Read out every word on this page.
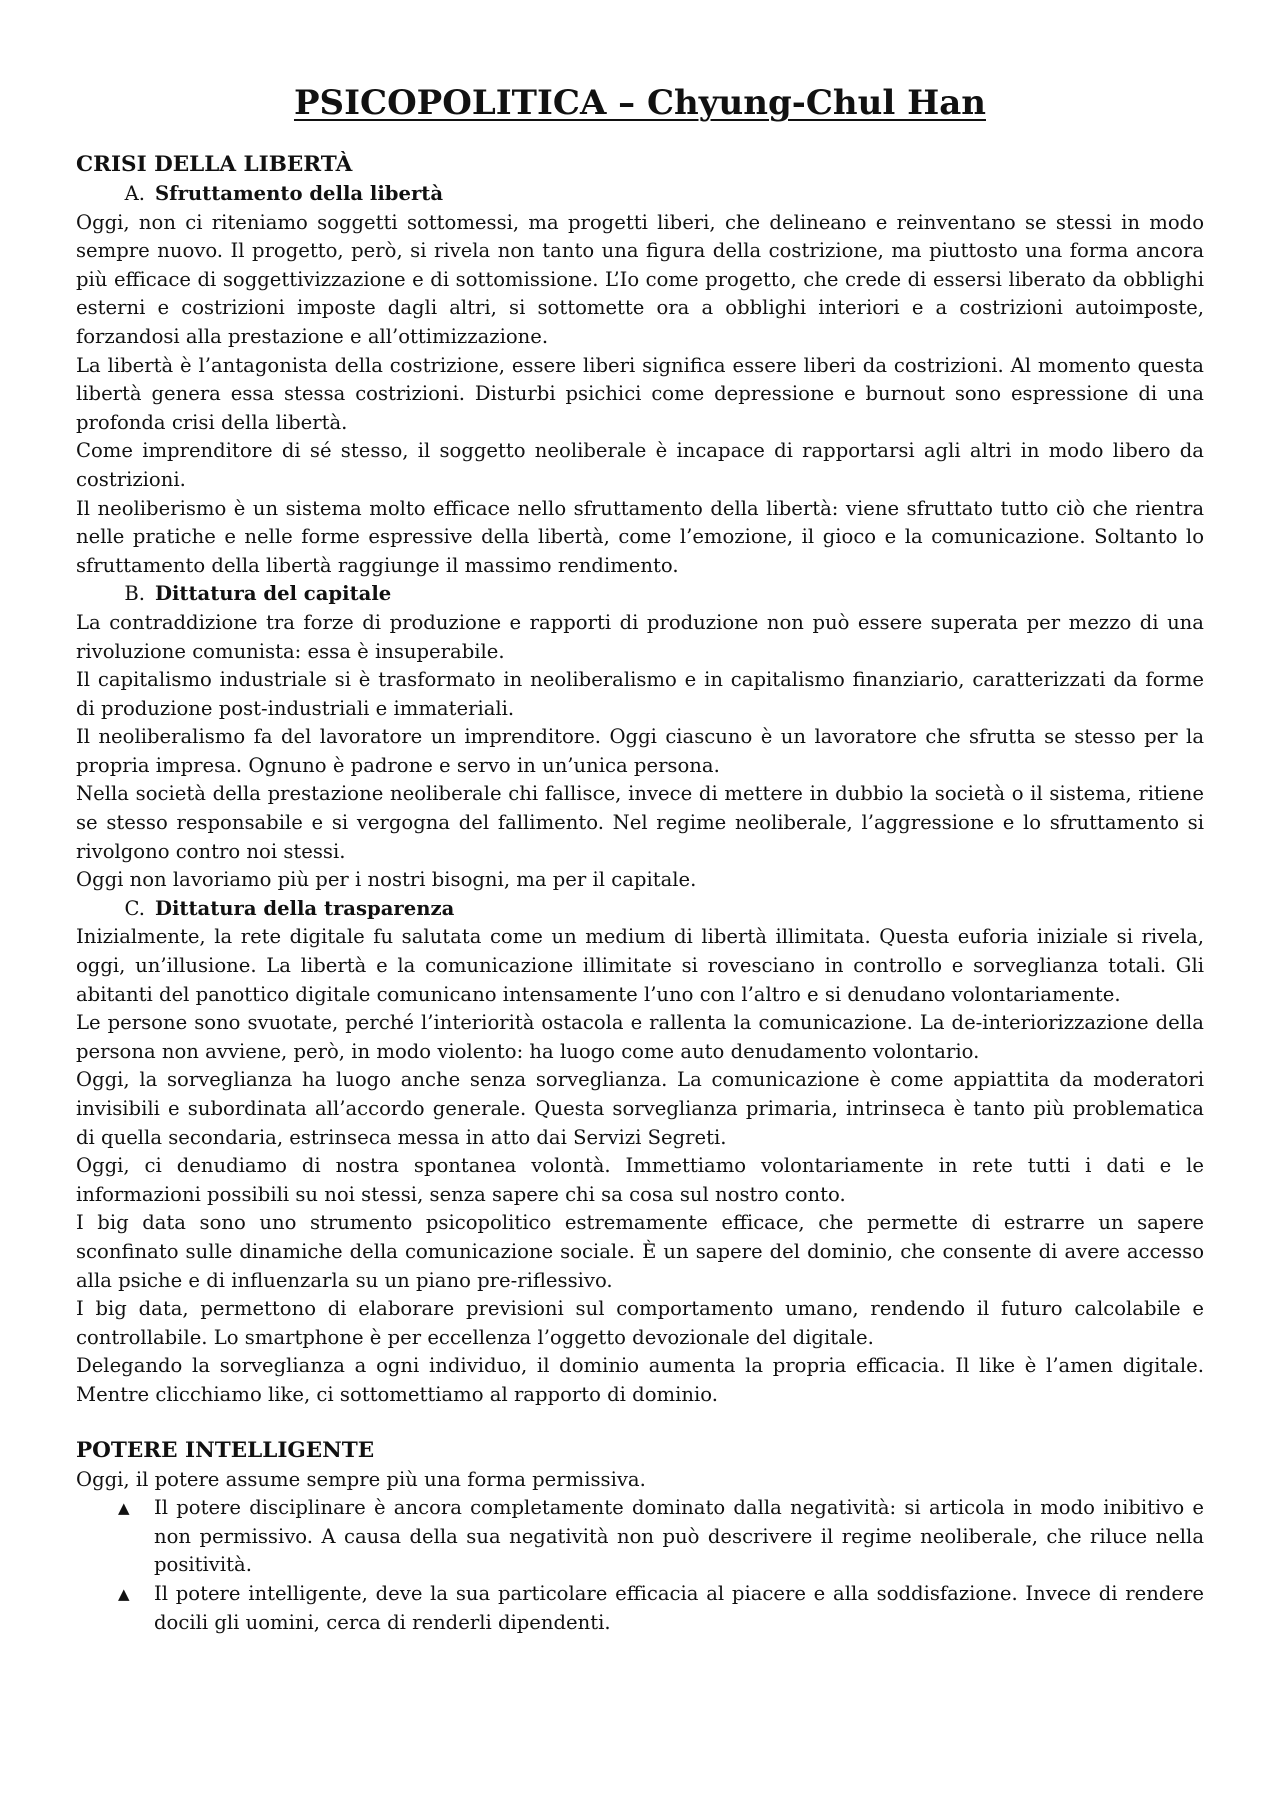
PSICOPOLITICA – Chyung-Chul Han
CRISI DELLA LIBERTÀ
A. Sfruttamento della libertà

Oggi, non ci riteniamo soggetti sottomessi, ma progetti liberi, che delineano e reinventano se stessi in modo sempre nuovo. Il progetto, però, si rivela non tanto una figura della costrizione, ma piuttosto una forma ancora più efficace di soggettivizzazione e di sottomissione. L’Io come progetto, che crede di essersi liberato da obblighi esterni e costrizioni imposte dagli altri, si sottomette ora a obblighi interiori e a costrizioni autoimposte, forzandosi alla prestazione e all’ottimizzazione.

La libertà è l’antagonista della costrizione, essere liberi significa essere liberi da costrizioni. Al momento questa libertà genera essa stessa costrizioni. Disturbi psichici come depressione e burnout sono espressione di una profonda crisi della libertà.

Come imprenditore di sé stesso, il soggetto neoliberale è incapace di rapportarsi agli altri in modo libero da costrizioni.

Il neoliberismo è un sistema molto efficace nello sfruttamento della libertà: viene sfruttato tutto ciò che rientra nelle pratiche e nelle forme espressive della libertà, come l’emozione, il gioco e la comunicazione. Soltanto lo sfruttamento della libertà raggiunge il massimo rendimento.

B. Dittatura del capitale

La contraddizione tra forze di produzione e rapporti di produzione non può essere superata per mezzo di una rivoluzione comunista: essa è insuperabile.

Il capitalismo industriale si è trasformato in neoliberalismo e in capitalismo finanziario, caratterizzati da forme di produzione post-industriali e immateriali.

Il neoliberalismo fa del lavoratore un imprenditore. Oggi ciascuno è un lavoratore che sfrutta se stesso per la propria impresa. Ognuno è padrone e servo in un’unica persona.

Nella società della prestazione neoliberale chi fallisce, invece di mettere in dubbio la società o il sistema, ritiene se stesso responsabile e si vergogna del fallimento. Nel regime neoliberale, l’aggressione e lo sfruttamento si rivolgono contro noi stessi.

Oggi non lavoriamo più per i nostri bisogni, ma per il capitale.

C. Dittatura della trasparenza

Inizialmente, la rete digitale fu salutata come un medium di libertà illimitata. Questa euforia iniziale si rivela, oggi, un’illusione. La libertà e la comunicazione illimitate si rovesciano in controllo e sorveglianza totali. Gli abitanti del panottico digitale comunicano intensamente l’uno con l’altro e si denudano volontariamente.

Le persone sono svuotate, perché l’interiorità ostacola e rallenta la comunicazione. La de-interiorizzazione della persona non avviene, però, in modo violento: ha luogo come auto denudamento volontario.

Oggi, la sorveglianza ha luogo anche senza sorveglianza. La comunicazione è come appiattita da moderatori invisibili e subordinata all’accordo generale. Questa sorveglianza primaria, intrinseca è tanto più problematica di quella secondaria, estrinseca messa in atto dai Servizi Segreti.

Oggi, ci denudiamo di nostra spontanea volontà. Immettiamo volontariamente in rete tutti i dati e le informazioni possibili su noi stessi, senza sapere chi sa cosa sul nostro conto.

I big data sono uno strumento psicopolitico estremamente efficace, che permette di estrarre un sapere sconfinato sulle dinamiche della comunicazione sociale. È un sapere del dominio, che consente di avere accesso alla psiche e di influenzarla su un piano pre-riflessivo.

I big data, permettono di elaborare previsioni sul comportamento umano, rendendo il futuro calcolabile e controllabile. Lo smartphone è per eccellenza l’oggetto devozionale del digitale.

Delegando la sorveglianza a ogni individuo, il dominio aumenta la propria efficacia. Il like è l’amen digitale. Mentre clicchiamo like, ci sottomettiamo al rapporto di dominio.

POTERE INTELLIGENTE

Oggi, il potere assume sempre più una forma permissiva.

▲	Il potere disciplinare è ancora completamente dominato dalla negatività: si articola in modo inibitivo e non permissivo. A causa della sua negatività non può descrivere il regime neoliberale, che riluce nella positività.
▲	Il potere intelligente, deve la sua particolare efficacia al piacere e alla soddisfazione. Invece di rendere docili gli uomini, cerca di renderli dipendenti.
